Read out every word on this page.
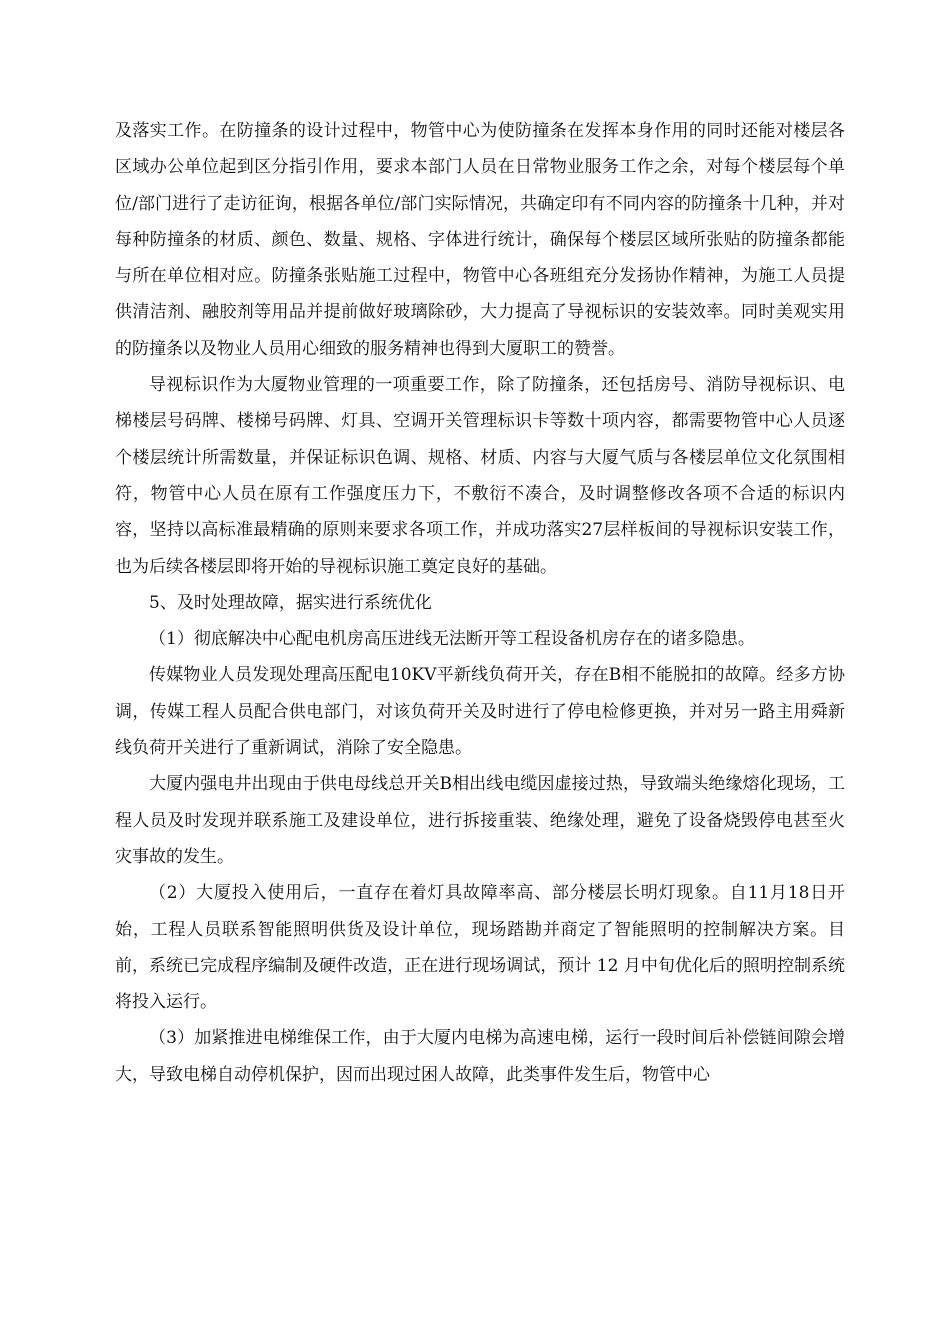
及落实工作。在防撞条的设计过程中，物管中心为使防撞条在发挥本身作用的同时还能对楼层各区域办公单位起到区分指引作用，要求本部门人员在日常物业服务工作之余，对每个楼层每个单位/部门进行了走访征询，根据各单位/部门实际情况，共确定印有不同内容的防撞条十几种，并对每种防撞条的材质、颜色、数量、规格、字体进行统计，确保每个楼层区域所张贴的防撞条都能与所在单位相对应。防撞条张贴施工过程中，物管中心各班组充分发扬协作精神，为施工人员提供清洁剂、融胶剂等用品并提前做好玻璃除砂，大力提高了导视标识的安装效率。同时美观实用的防撞条以及物业人员用心细致的服务精神也得到大厦职工的赞誉。

导视标识作为大厦物业管理的一项重要工作，除了防撞条，还包括房号、消防导视标识、电梯楼层号码牌、楼梯号码牌、灯具、空调开关管理标识卡等数十项内容，都需要物管中心人员逐个楼层统计所需数量，并保证标识色调、规格、材质、内容与大厦气质与各楼层单位文化氛围相符，物管中心人员在原有工作强度压力下，不敷衍不凑合，及时调整修改各项不合适的标识内容，坚持以高标准最精确的原则来要求各项工作，并成功落实27层样板间的导视标识安装工作，也为后续各楼层即将开始的导视标识施工奠定良好的基础。

5、及时处理故障，据实进行系统优化

（1）彻底解决中心配电机房高压进线无法断开等工程设备机房存在的诸多隐患。

传媒物业人员发现处理高压配电10KV平新线负荷开关，存在B相不能脱扣的故障。经多方协调，传媒工程人员配合供电部门，对该负荷开关及时进行了停电检修更换，并对另一路主用舜新线负荷开关进行了重新调试，消除了安全隐患。

大厦内强电井出现由于供电母线总开关B相出线电缆因虚接过热，导致端头绝缘熔化现场，工程人员及时发现并联系施工及建设单位，进行拆接重装、绝缘处理，避免了设备烧毁停电甚至火灾事故的发生。

（2）大厦投入使用后，一直存在着灯具故障率高、部分楼层长明灯现象。自11月18日开始，工程人员联系智能照明供货及设计单位，现场踏勘并商定了智能照明的控制解决方案。目前，系统已完成程序编制及硬件改造，正在进行现场调试，预计 12 月中旬优化后的照明控制系统将投入运行。

（3）加紧推进电梯维保工作，由于大厦内电梯为高速电梯，运行一段时间后补偿链间隙会增大，导致电梯自动停机保护，因而出现过困人故障，此类事件发生后，物管中心
